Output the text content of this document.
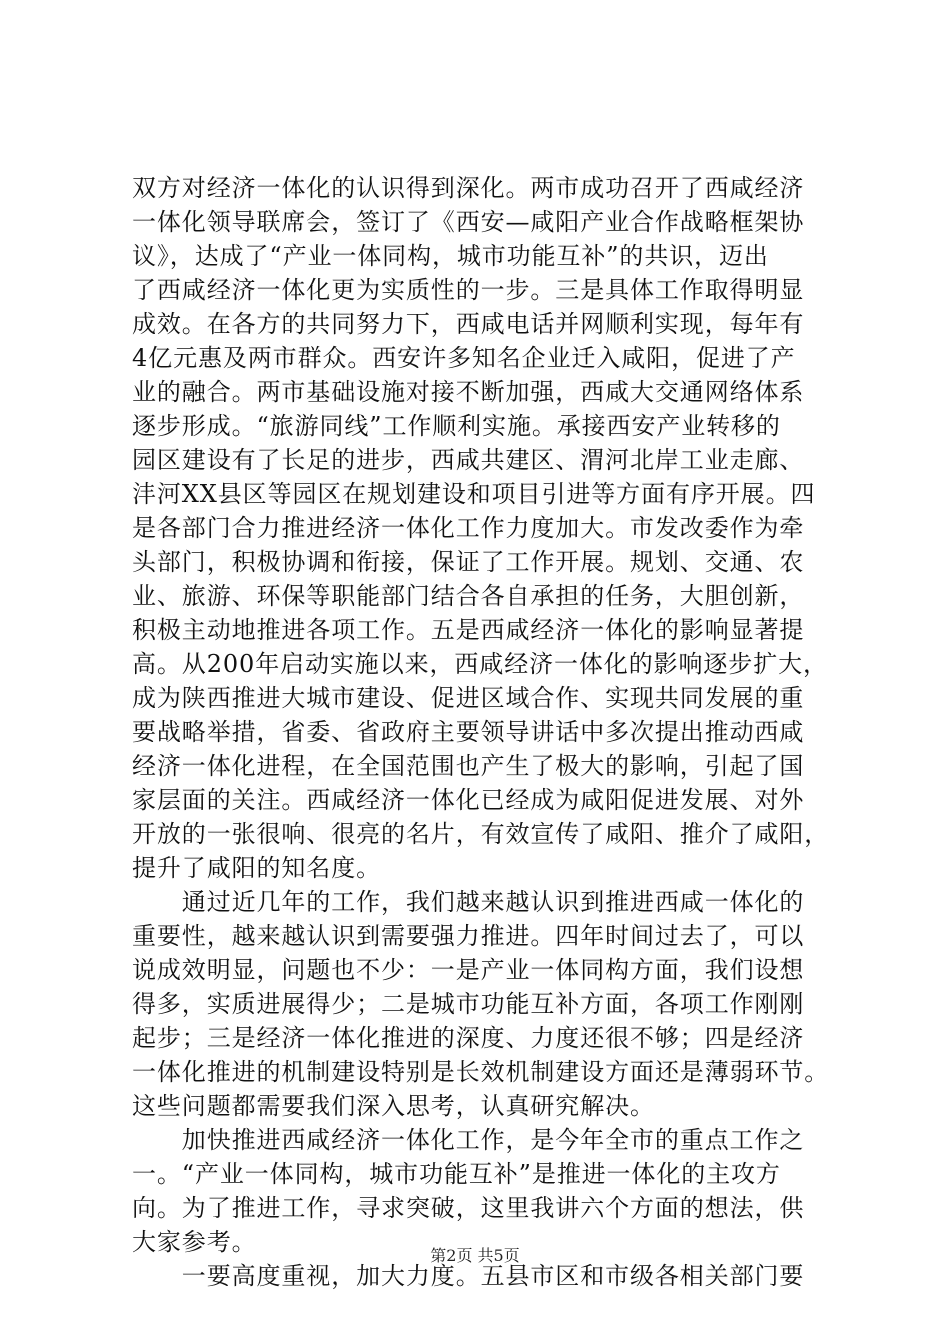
双方对经济一体化的认识得到深化。两市成功召开了西咸经济
一体化领导联席会，签订了《西安—咸阳产业合作战略框架协
议》，达成了“产业一体同构，城市功能互补”的共识，迈出
了西咸经济一体化更为实质性的一步。三是具体工作取得明显
成效。在各方的共同努力下，西咸电话并网顺利实现，每年有
4亿元惠及两市群众。西安许多知名企业迁入咸阳，促进了产
业的融合。两市基础设施对接不断加强，西咸大交通网络体系
逐步形成。“旅游同线”工作顺利实施。承接西安产业转移的
园区建设有了长足的进步，西咸共建区、渭河北岸工业走廊、
沣河XX县区等园区在规划建设和项目引进等方面有序开展。四
是各部门合力推进经济一体化工作力度加大。市发改委作为牵
头部门，积极协调和衔接，保证了工作开展。规划、交通、农
业、旅游、环保等职能部门结合各自承担的任务，大胆创新，
积极主动地推进各项工作。五是西咸经济一体化的影响显著提
高。从200年启动实施以来，西咸经济一体化的影响逐步扩大，
成为陕西推进大城市建设、促进区域合作、实现共同发展的重
要战略举措，省委、省政府主要领导讲话中多次提出推动西咸
经济一体化进程，在全国范围也产生了极大的影响，引起了国
家层面的关注。西咸经济一体化已经成为咸阳促进发展、对外
开放的一张很响、很亮的名片，有效宣传了咸阳、推介了咸阳，
提升了咸阳的知名度。
　　通过近几年的工作，我们越来越认识到推进西咸一体化的
重要性，越来越认识到需要强力推进。四年时间过去了，可以
说成效明显，问题也不少：一是产业一体同构方面，我们设想
得多，实质进展得少；二是城市功能互补方面，各项工作刚刚
起步；三是经济一体化推进的深度、力度还很不够；四是经济
一体化推进的机制建设特别是长效机制建设方面还是薄弱环节。
这些问题都需要我们深入思考，认真研究解决。
　　加快推进西咸经济一体化工作，是今年全市的重点工作之
一。“产业一体同构，城市功能互补”是推进一体化的主攻方
向。为了推进工作，寻求突破，这里我讲六个方面的想法，供
大家参考。
　　一要高度重视，加大力度。五县市区和市级各相关部门要
第2页 共5页
